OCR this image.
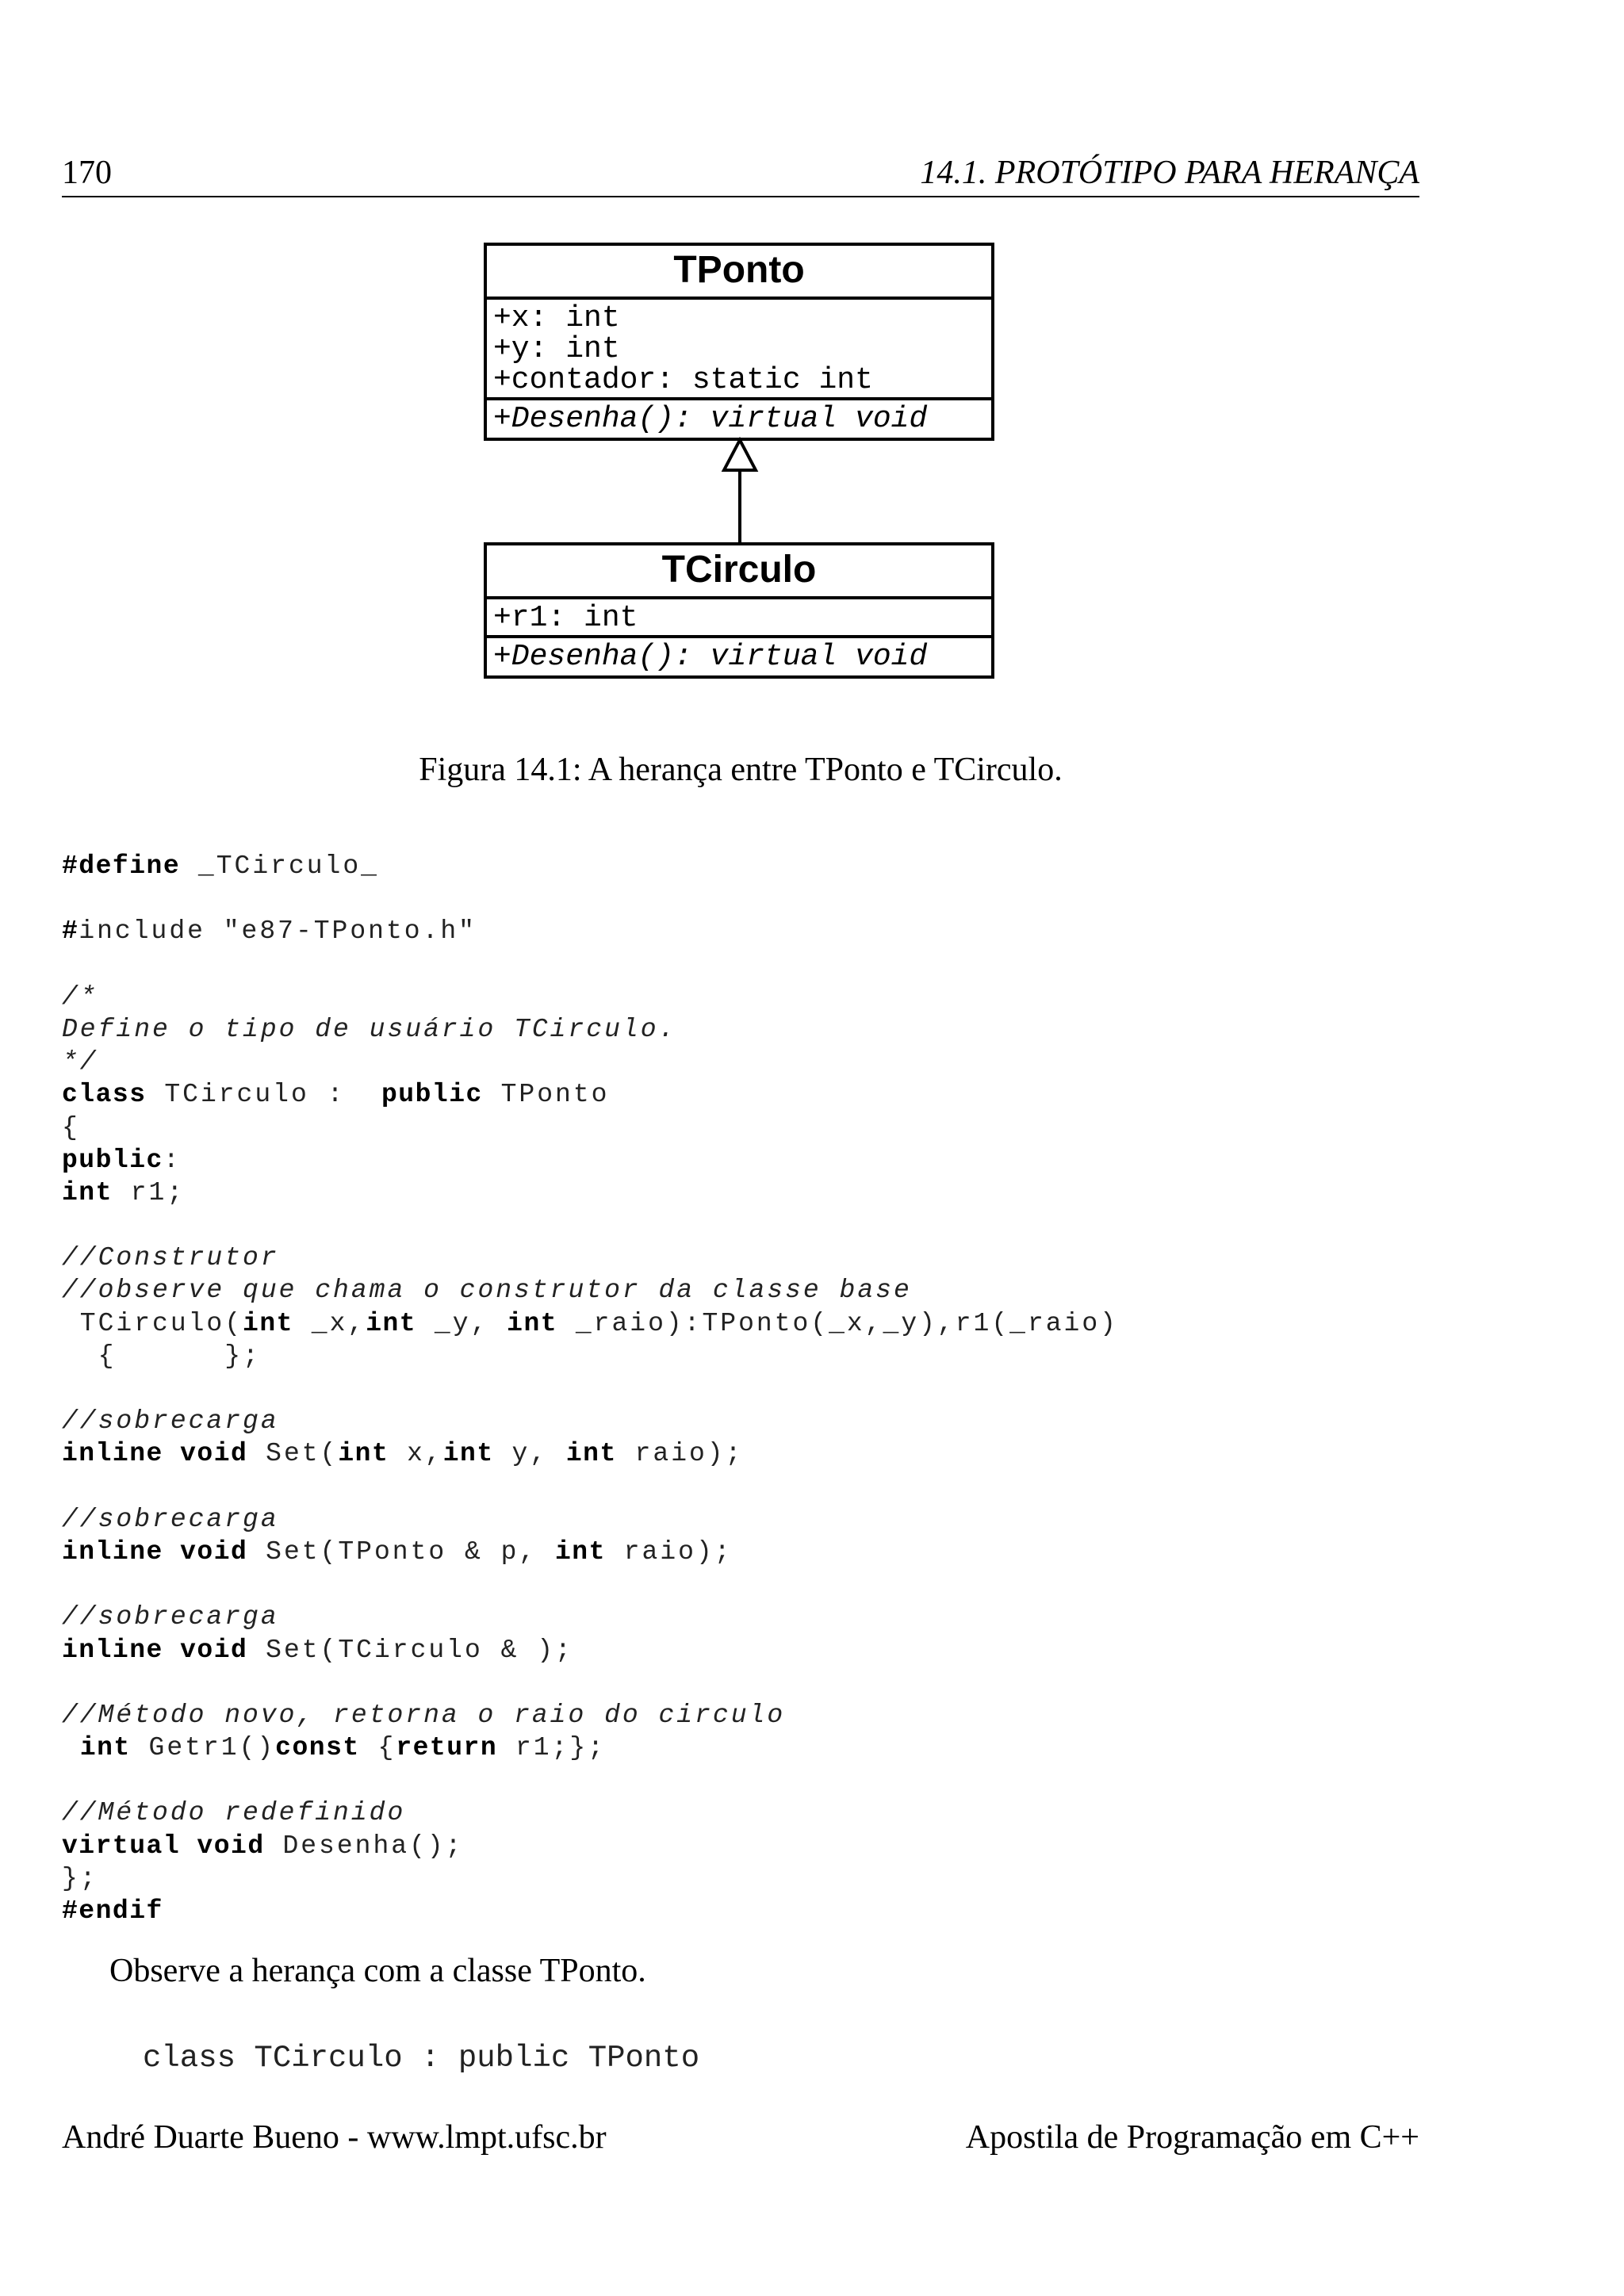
170	14.1. PROTÓTIPO PARA HERANÇA
TPonto
+x: int
+y: int
+contador: static int
+Desenha(): virtual void
TCirculo
+r1: int
+Desenha(): virtual void
Figura 14.1: A herança entre TPonto e TCirculo.
#define _TCirculo_

#include "e87-TPonto.h"

/*
Define o tipo de usuário TCirculo.
*/
class TCirculo :  public TPonto
{
public:
int r1;

//Construtor
//observe que chama o construtor da classe base
TCirculo(int _x,int _y, int _raio):TPonto(_x,_y),r1(_raio)
{      };

//sobrecarga
inline void Set(int x,int y, int raio);

//sobrecarga
inline void Set(TPonto & p, int raio);

//sobrecarga
inline void Set(TCirculo & );

//Método novo, retorna o raio do circulo
int Getr1()const {return r1;};

//Método redefinido
virtual void Desenha();
};
#endif
Observe a herança com a classe TPonto.
class TCirculo : public TPonto
André Duarte Bueno - www.lmpt.ufsc.br	Apostila de Programação em C++
